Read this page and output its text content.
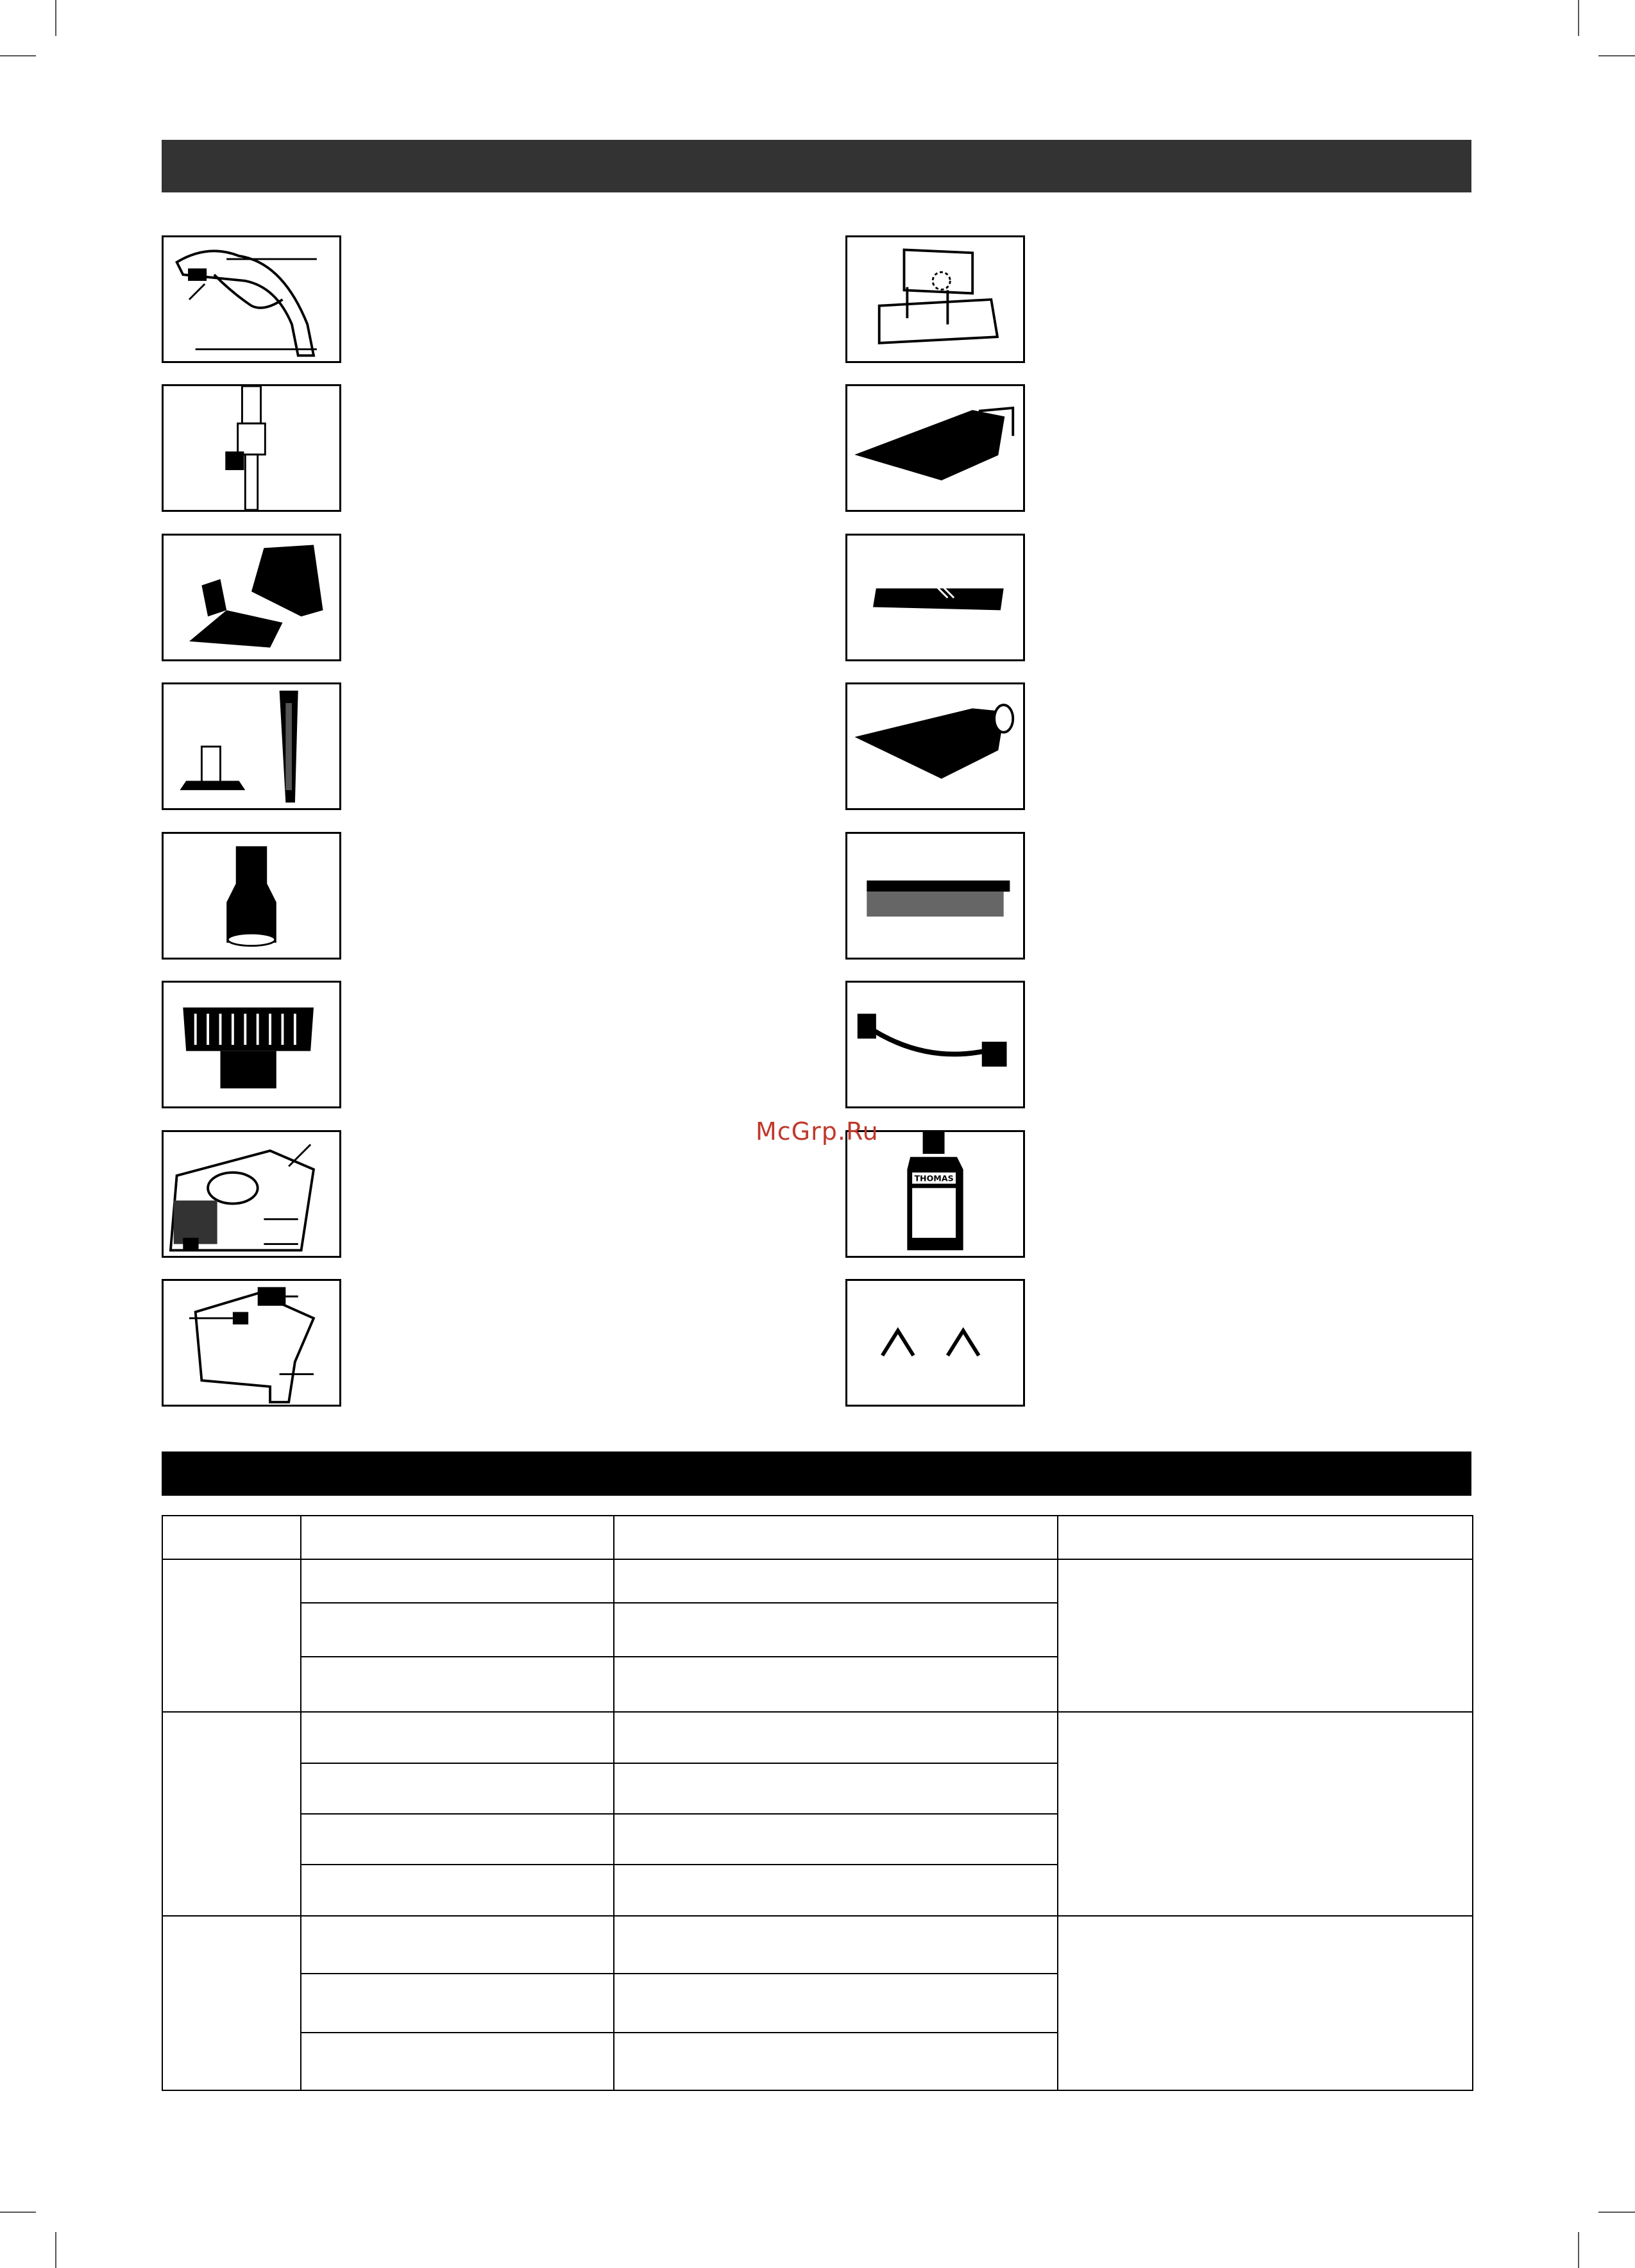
THOMAS
McGrp.Ru
